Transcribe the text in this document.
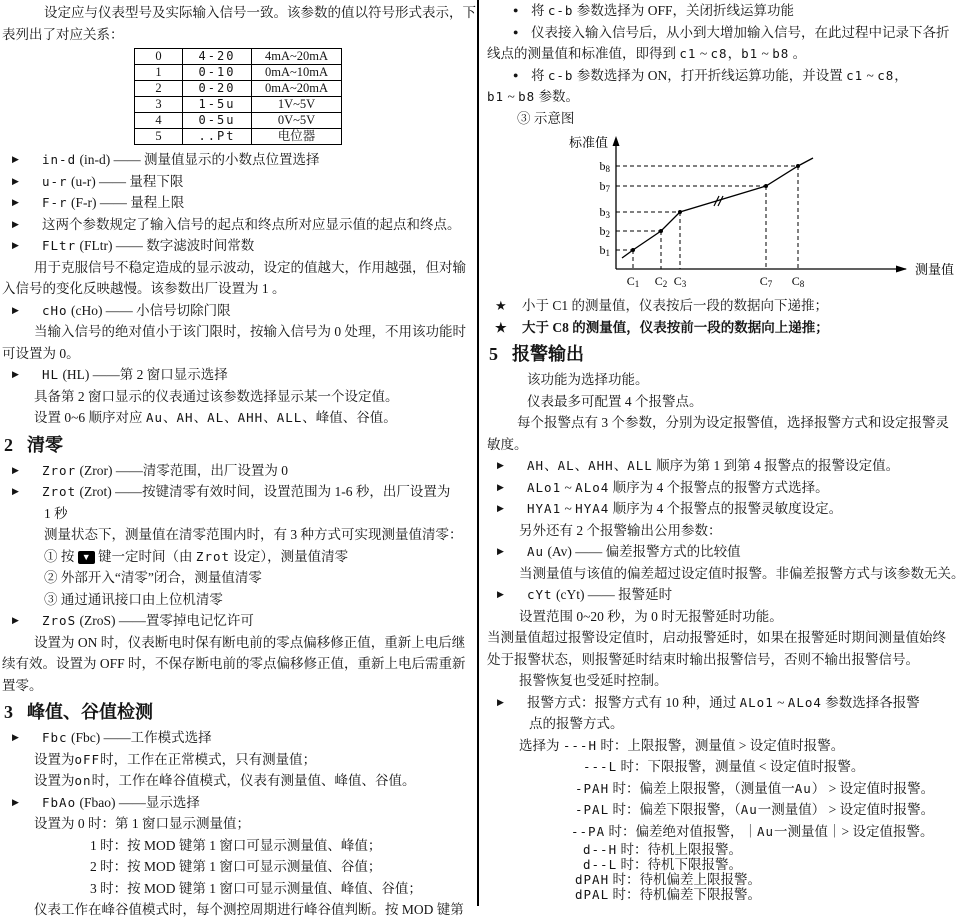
设定应与仪表型号及实际输入信号一致。该参数的值以符号形式表示，下
表列出了对应关系：
0	4-20	4mA~20mA
1	0-10	0mA~10mA
2	0-20	0mA~20mA
3	1-5u	1V~5V
4	0-5u	0V~5V
5	..Pt	电位器
▶ in-d (in-d) —— 测量值显示的小数点位置选择
▶ u-r (u-r) —— 量程下限
▶ F-r (F-r) —— 量程上限
▶ 这两个参数规定了输入信号的起点和终点所对应显示值的起点和终点。
▶ FLtr (FLtr) —— 数字滤波时间常数
用于克服信号不稳定造成的显示波动，设定的值越大，作用越强，但对输
入信号的变化反映越慢。该参数出厂设置为 1 。
▶ cHo (cHo) —— 小信号切除门限
当输入信号的绝对值小于该门限时，按输入信号为 0 处理，不用该功能时
可设置为 0。
▶ HL (HL) ——第 2 窗口显示选择
具备第 2 窗口显示的仪表通过该参数选择显示某一个设定值。
设置 0~6 顺序对应 Au、AH、AL、AHH、ALL、峰值、谷值。
2 清零
▶ Zror (Zror) ——清零范围，出厂设置为 0
▶ Zrot (Zrot) ——按键清零有效时间，设置范围为 1-6 秒，出厂设置为
1 秒
测量状态下，测量值在清零范围内时，有 3 种方式可实现测量值清零：
① 按 ▼ 键一定时间（由 Zrot 设定），测量值清零
② 外部开入“清零”闭合，测量值清零
③ 通过通讯接口由上位机清零
▶ ZroS (ZroS) ——置零掉电记忆许可
设置为 ON 时，仪表断电时保有断电前的零点偏移修正值，重新上电后继
续有效。设置为 OFF 时，不保存断电前的零点偏移修正值，重新上电后需重新
置零。
3 峰值、谷值检测
▶ Fbc (Fbc) ——工作模式选择
设置为oFF时，工作在正常模式，只有测量值；
设置为on时，工作在峰谷值模式，仪表有测量值、峰值、谷值。
▶ FbAo (Fbao) ——显示选择
设置为 0 时：第 1 窗口显示测量值；
1 时：按 MOD 键第 1 窗口可显示测量值、峰值；
2 时：按 MOD 键第 1 窗口可显示测量值、谷值；
3 时：按 MOD 键第 1 窗口可显示测量值、峰值、谷值；
仪表工作在峰谷值模式时，每个测控周期进行峰谷值判断。按 MOD 键第
● 将 c-b 参数选择为 OFF，关闭折线运算功能
● 仪表接入输入信号后，从小到大增加输入信号，在此过程中记录下各折
线点的测量值和标准值，即得到 c1 ~ c8，b1 ~ b8 。
● 将 c-b 参数选择为 ON，打开折线运算功能，并设置 c1 ~ c8，
b1 ~ b8 参数。
③ 示意图
标准值
测量值
b1
C1
b2
C2
b3
C3
b7
C7
b8
C8
★ 小于 C1 的测量值，仪表按后一段的数据向下递推；
★ 大于 C8 的测量值，仪表按前一段的数据向上递推；
5 报警输出
该功能为选择功能。
仪表最多可配置 4 个报警点。
每个报警点有 3 个参数，分别为设定报警值，选择报警方式和设定报警灵
敏度。
▶ AH、AL、AHH、ALL 顺序为第 1 到第 4 报警点的报警设定值。
▶ ALo1 ~ ALo4 顺序为 4 个报警点的报警方式选择。
▶ HYA1 ~ HYA4 顺序为 4 个报警点的报警灵敏度设定。
另外还有 2 个报警输出公用参数：
▶ Au (Av) —— 偏差报警方式的比较值
当测量值与该值的偏差超过设定值时报警。非偏差报警方式与该参数无关。
▶ cYt (cYt) —— 报警延时
设置范围 0~20 秒，为 0 时无报警延时功能。
当测量值超过报警设定值时，启动报警延时，如果在报警延时期间测量值始终
处于报警状态，则报警延时结束时输出报警信号，否则不输出报警信号。
报警恢复也受延时控制。
▶ 报警方式：报警方式有 10 种，通过 ALo1 ~ ALo4 参数选择各报警
点的报警方式。
选择为 ---H 时：上限报警，测量值 > 设定值时报警。
---L 时：下限报警，测量值 < 设定值时报警。
-PAH 时：偏差上限报警，（测量值一Au） > 设定值时报警。
-PAL 时：偏差下限报警，（Au一测量值） > 设定值时报警。
--PA 时：偏差绝对值报警，｜Au一测量值｜> 设定值报警。
d--H 时：待机上限报警。
d--L 时：待机下限报警。
dPAH 时：待机偏差上限报警。
dPAL 时：待机偏差下限报警。
